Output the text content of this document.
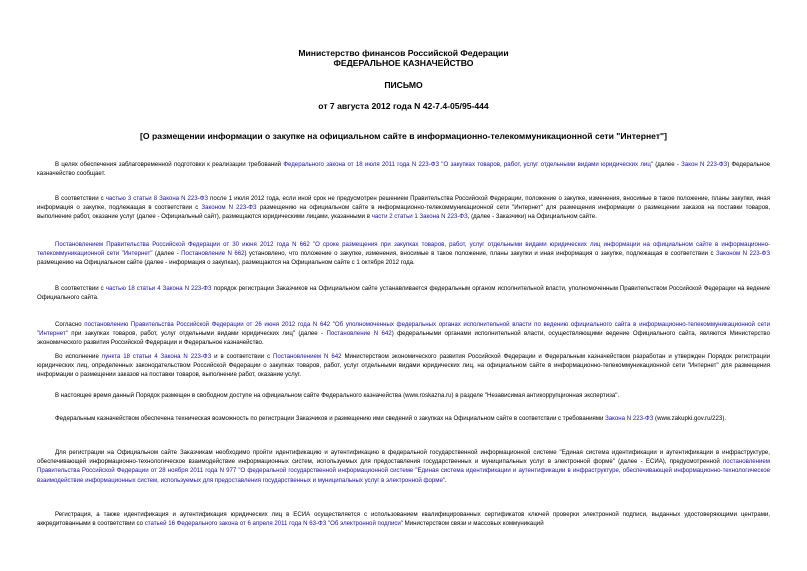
Министерство финансов Российской Федерации
ФЕДЕРАЛЬНОЕ КАЗНАЧЕЙСТВО
ПИСЬМО
от 7 августа 2012 года N 42-7.4-05/95-444
[О размещении информации о закупке на официальном сайте в информационно-телекоммуникационной сети "Интернет"]

В целях обеспечения заблаговременной подготовки к реализации требований Федерального закона от 18 июля 2011 года N 223-ФЗ "О закупках товаров, работ, услуг отдельными видами юридических лиц" (далее - Закон N 223-ФЗ) Федеральное казначейство сообщает.

В соответствии с частью 3 статьи 8 Закона N 223-ФЗ после 1 июля 2012 года, если иной срок не предусмотрен решением Правительства Российской Федерации, положение о закупке, изменения, вносимые в такое положение, планы закупки, иная информация о закупке, подлежащая в соответствии с Законом N 223-ФЗ размещению на официальном сайте в информационно-телекоммуникационной сети "Интернет" для размещения информации о размещении заказов на поставки товаров, выполнение работ, оказание услуг (далее - Официальный сайт), размещаются юридическими лицами, указанными в части 2 статьи 1 Закона N 223-ФЗ, (далее - Заказчики) на Официальном сайте.

Постановлением Правительства Российской Федерации от 30 июня 2012 года N 662 "О сроке размещения при закупках товаров, работ, услуг отдельными видами юридических лиц информации на официальном сайте в информационно-телекоммуникационной сети "Интернет" (далее - Постановление N 662) установлено, что положение о закупке, изменения, вносимые в такое положение, планы закупки и иная информация о закупке, подлежащая в соответствии с Законом N 223-ФЗ размещению на Официальном сайте (далее - информация о закупках), размещаются на Официальном сайте с 1 октября 2012 года.

В соответствии с частью 18 статьи 4 Закона N 223-ФЗ порядок регистрации Заказчиков на Официальном сайте устанавливается федеральным органом исполнительной власти, уполномоченным Правительством Российской Федерации на ведение Официального сайта.

Согласно постановлению Правительства Российской Федерации от 26 июня 2012 года N 642 "Об уполномоченных федеральных органах исполнительной власти по ведению официального сайта в информационно-телекоммуникационной сети "Интернет" при закупках товаров, работ, услуг отдельными видами юридических лиц" (далее - Постановление N 642) федеральными органами исполнительной власти, осуществляющими ведение Официального сайта, являются Министерство экономического развития Российской Федерации и Федеральное казначейство.

Во исполнение пункта 18 статьи 4 Закона N 223-ФЗ и в соответствии с Постановлением N 642 Министерством экономического развития Российской Федерации и Федеральным казначейством разработан и утвержден Порядок регистрации юридических лиц, определенных законодательством Российской Федерации о закупках товаров, работ, услуг отдельными видами юридических лиц, на официальном сайте в информационно-телекоммуникационной сети "Интернет" для размещения информации о размещении заказов на поставки товаров, выполнение работ, оказание услуг.

В настоящее время данный Порядок размещен в свободном доступе на официальном сайте Федерального казначейства (www.roskazna.ru) в разделе "Независимая антикоррупционная экспертиза".

Федеральным казначейством обеспечена техническая возможность по регистрации Заказчиков и размещению ими сведений о закупках на Официальном сайте в соответствии с требованиями Закона N 223-ФЗ (www.zakupki.gov.ru/223).

Для регистрации на Официальном сайте Заказчикам необходимо пройти идентификацию и аутентификацию в федеральной государственной информационной системе "Единая система идентификации и аутентификации в инфраструктуре, обеспечивающей информационно-технологическое взаимодействие информационных систем, используемых для предоставления государственных и муниципальных услуг в электронной форме" (далее - ЕСИА), предусмотренной постановлением Правительства Российской Федерации от 28 ноября 2011 года N 977 "О федеральной государственной информационной системе "Единая система идентификации и аутентификации в инфраструктуре, обеспечивающей информационно-технологическое взаимодействие информационных систем, используемых для предоставления государственных и муниципальных услуг в электронной форме".

Регистрация, а также идентификация и аутентификация юридических лиц в ЕСИА осуществляется с использованием квалифицированных сертификатов ключей проверки электронной подписи, выданных удостоверяющими центрами, аккредитованными в соответствии со статьей 16 Федерального закона от 6 апреля 2011 года N 63-ФЗ "Об электронной подписи" Министерством связи и массовых коммуникаций
